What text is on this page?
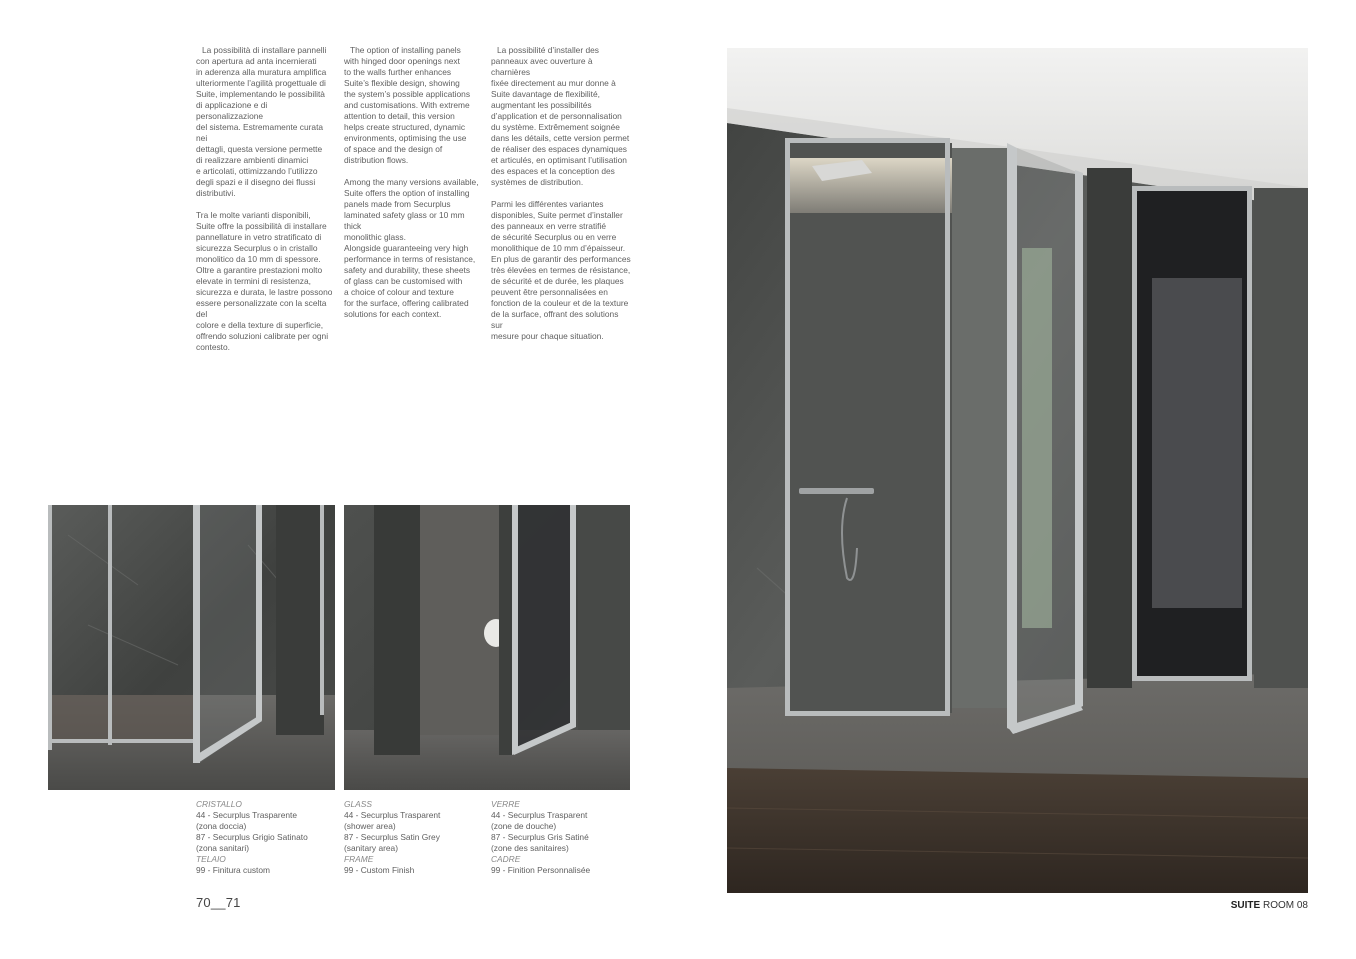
La possibilità di installare pannelli
con apertura ad anta incernierati
in aderenza alla muratura amplifica
ulteriormente l’agilità progettuale di
Suite, implementando le possibilità
di applicazione e di personalizzazione
del sistema. Estremamente curata nei
dettagli, questa versione permette
di realizzare ambienti dinamici
e articolati, ottimizzando l’utilizzo
degli spazi e il disegno dei flussi
distributivi.

Tra le molte varianti disponibili,
Suite offre la possibilità di installare
pannellature in vetro stratificato di
sicurezza Securplus o in cristallo
monolitico da 10 mm di spessore.
Oltre a garantire prestazioni molto
elevate in termini di resistenza,
sicurezza e durata, le lastre possono
essere personalizzate con la scelta del
colore e della texture di superficie,
offrendo soluzioni calibrate per ogni
contesto.

The option of installing panels
with hinged door openings next
to the walls further enhances
Suite’s flexible design, showing
the system’s possible applications
and customisations. With extreme
attention to detail, this version
helps create structured, dynamic
environments, optimising the use
of space and the design of
distribution flows.

Among the many versions available,
Suite offers the option of installing
panels made from Securplus
laminated safety glass or 10 mm thick
monolithic glass.
Alongside guaranteeing very high
performance in terms of resistance,
safety and durability, these sheets
of glass can be customised with
a choice of colour and texture
for the surface, offering calibrated
solutions for each context.

La possibilité d’installer des
panneaux avec ouverture à charnières
fixée directement au mur donne à
Suite davantage de flexibilité,
augmentant les possibilités
d’application et de personnalisation
du système. Extrêmement soignée
dans les détails, cette version permet
de réaliser des espaces dynamiques
et articulés, en optimisant l’utilisation
des espaces et la conception des
systèmes de distribution.

Parmi les différentes variantes
disponibles, Suite permet d’installer
des panneaux en verre stratifié
de sécurité Securplus ou en verre
monolithique de 10 mm d’épaisseur.
En plus de garantir des performances
très élevées en termes de résistance,
de sécurité et de durée, les plaques
peuvent être personnalisées en
fonction de la couleur et de la texture
de la surface, offrant des solutions sur
mesure pour chaque situation.

CRISTALLO
44 - Securplus Trasparente
(zona doccia)
87 - Securplus Grigio Satinato
(zona sanitari)
TELAIO
99 - Finitura custom
GLASS
44 - Securplus Trasparent
(shower area)
87 - Securplus Satin Grey
(sanitary area)
FRAME
99 - Custom Finish
VERRE
44 - Securplus Trasparent
(zone de douche)
87 - Securplus Gris Satiné
(zone des sanitaires)
CADRE
99 - Finition Personnalisée
70__71	SUITE ROOM 08
